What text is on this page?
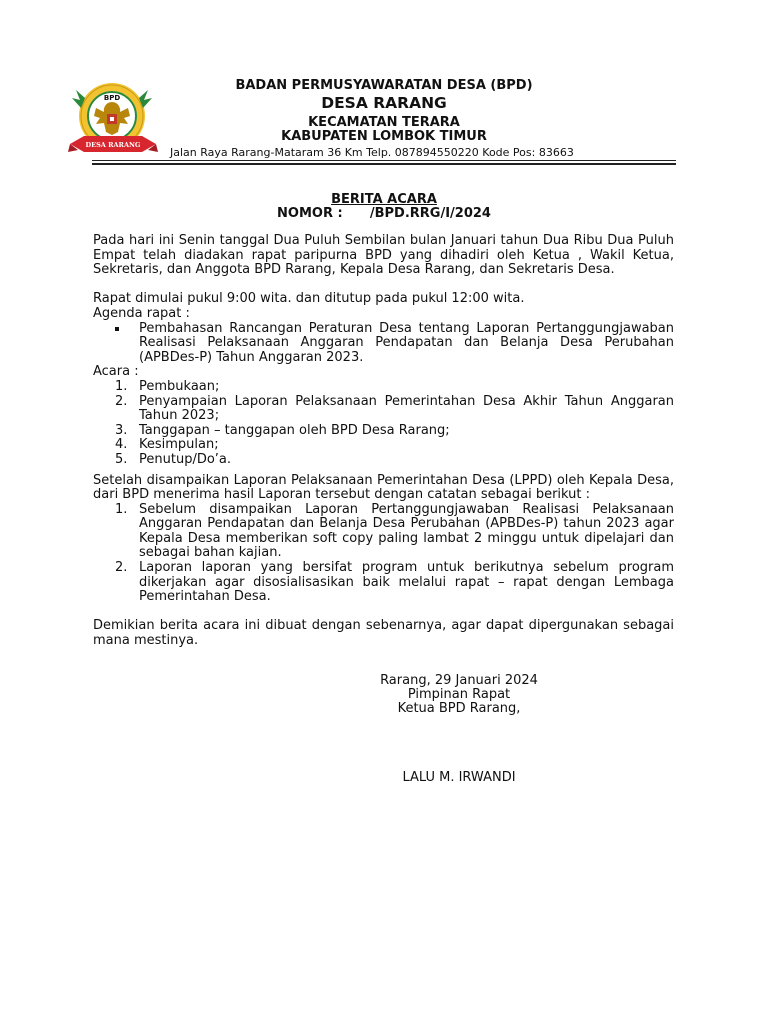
BPD
DESA RARANG
BADAN PERMUSYAWARATAN DESA (BPD)
DESA RARANG
KECAMATAN TERARA
KABUPATEN LOMBOK TIMUR
Jalan Raya Rarang-Mataram 36 Km Telp. 087894550220 Kode Pos: 83663
BERITA ACARA
NOMOR :      /BPD.RRG/I/2024

Pada hari ini Senin tanggal Dua Puluh Sembilan bulan Januari tahun Dua Ribu Dua Puluh Empat telah diadakan rapat paripurna BPD yang dihadiri oleh Ketua , Wakil Ketua, Sekretaris, dan Anggota BPD Rarang, Kepala Desa Rarang, dan Sekretaris Desa.

Rapat dimulai pukul 9:00 wita. dan ditutup pada pukul 12:00 wita.

Agenda rapat :

Pembahasan Rancangan Peraturan Desa tentang Laporan Pertanggungjawaban Realisasi Pelaksanaan Anggaran Pendapatan dan Belanja Desa Perubahan (APBDes-P) Tahun Anggaran 2023.

Acara :

1. Pembukaan;
2. Penyampaian Laporan Pelaksanaan Pemerintahan Desa Akhir Tahun Anggaran Tahun 2023;
3. Tanggapan – tanggapan oleh BPD Desa Rarang;
4. Kesimpulan;
5. Penutup/Do’a.

Setelah disampaikan Laporan Pelaksanaan Pemerintahan Desa (LPPD) oleh Kepala Desa, dari BPD menerima hasil Laporan tersebut dengan catatan sebagai berikut :

1. Sebelum disampaikan Laporan Pertanggungjawaban Realisasi Pelaksanaan Anggaran Pendapatan dan Belanja Desa Perubahan (APBDes-P) tahun 2023 agar Kepala Desa memberikan soft copy paling lambat 2 minggu untuk dipelajari dan sebagai bahan kajian.
2. Laporan laporan yang bersifat program untuk berikutnya sebelum program dikerjakan agar disosialisasikan baik melalui rapat – rapat dengan Lembaga Pemerintahan Desa.

Demikian berita acara ini dibuat dengan sebenarnya, agar dapat dipergunakan sebagai mana mestinya.

Rarang, 29 Januari 2024
Pimpinan Rapat
Ketua BPD Rarang,
LALU M. IRWANDI
